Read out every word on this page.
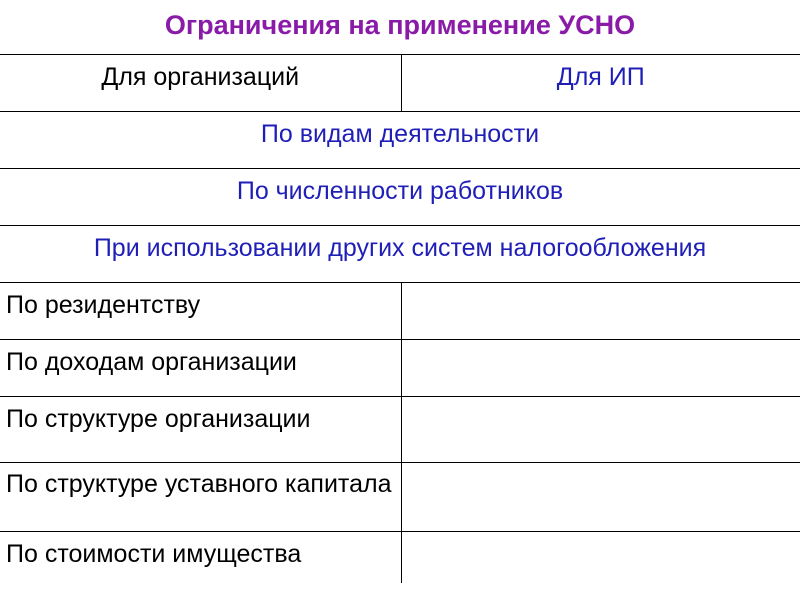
Ограничения на применение УСНО
Для организаций	Для ИП
По видам деятельности	
По численности работников	
При использовании других систем налогообложения	
По резидентству	
По доходам организации	
По структуре организации	
По структуре уставного капитала	
По стоимости имущества	
